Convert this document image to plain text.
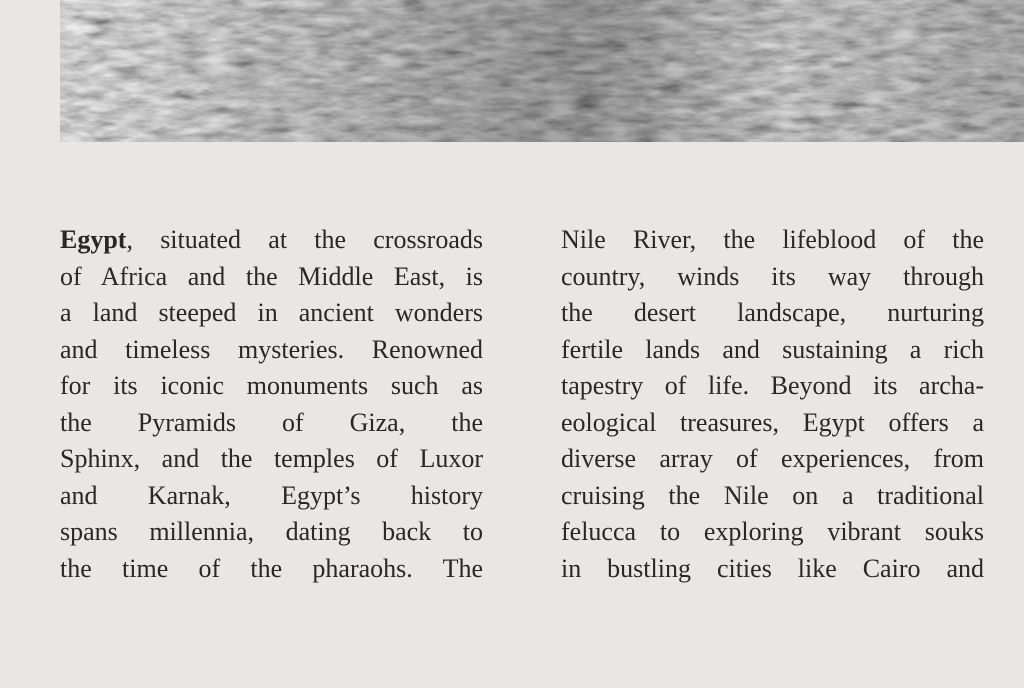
Egypt, situated at the crossroads
of Africa and the Middle East, is
a land steeped in ancient wonders
and timeless mysteries. Renowned
for its iconic monuments such as
the Pyramids of Giza, the
Sphinx, and the temples of Luxor
and Karnak, Egypt’s history
spans millennia, dating back to
the time of the pharaohs. The
Nile River, the lifeblood of the
country, winds its way through
the desert landscape, nurturing
fertile lands and sustaining a rich
tapestry of life. Beyond its archa-
eological treasures, Egypt offers a
diverse array of experiences, from
cruising the Nile on a traditional
felucca to exploring vibrant souks
in bustling cities like Cairo and
